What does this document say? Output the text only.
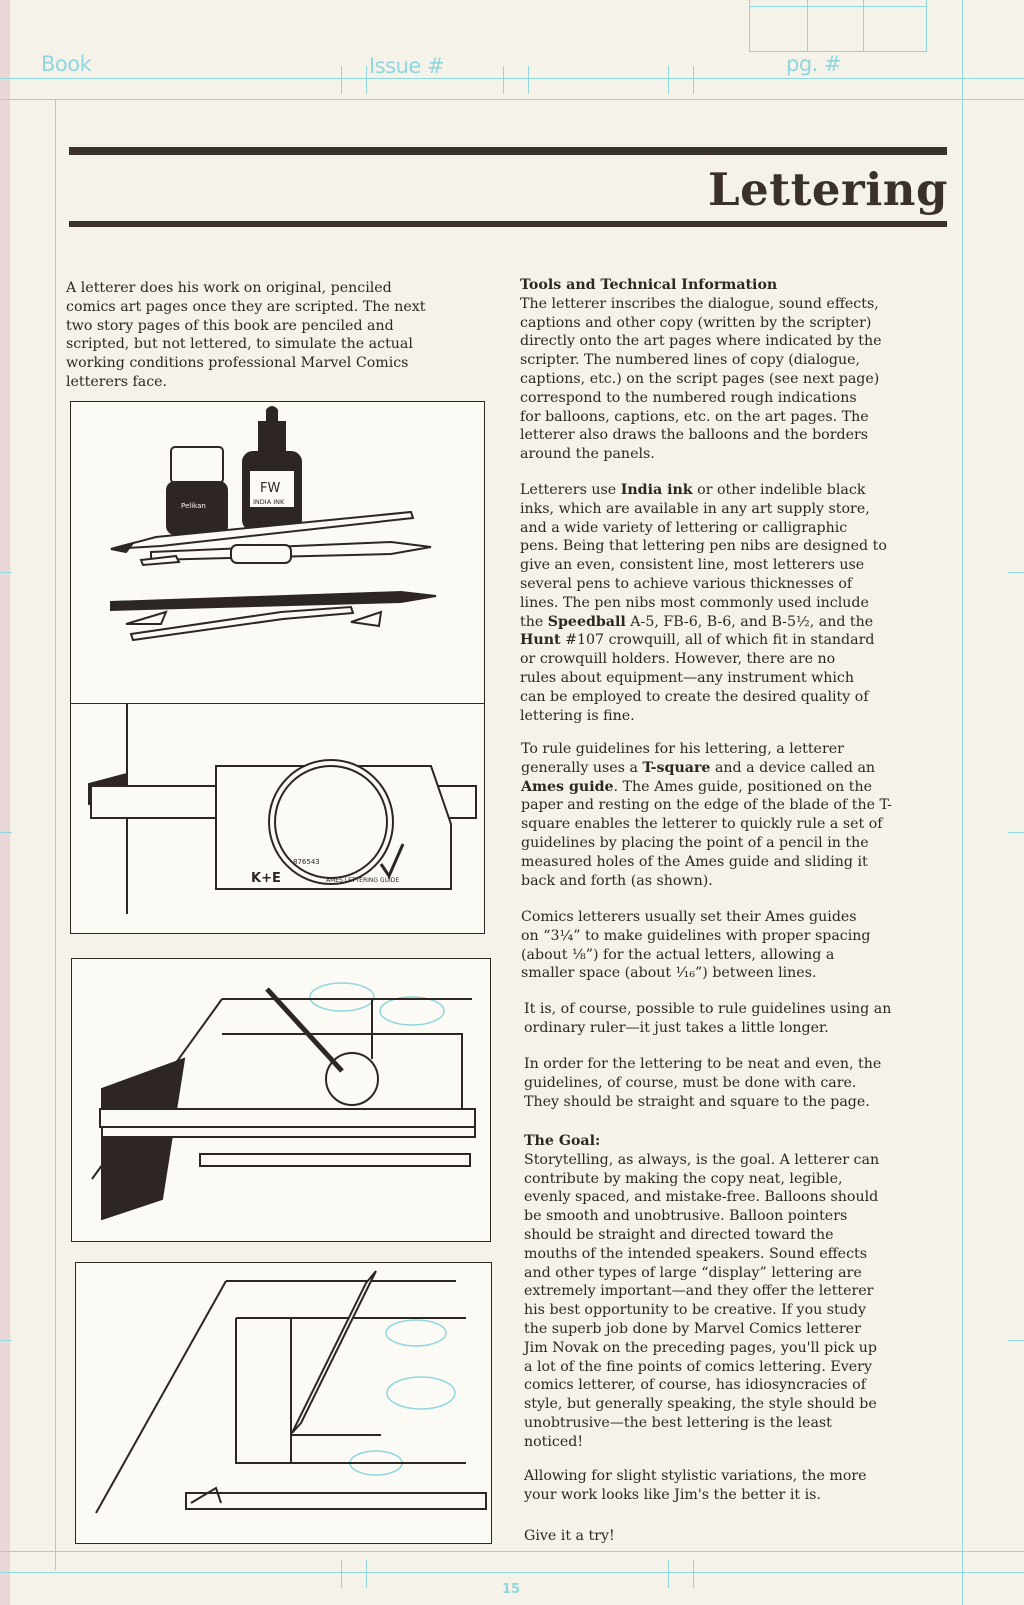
Book	Issue #	pg. #
Lettering
A letterer does his work on original, penciled
comics art pages once they are scripted. The next
two story pages of this book are penciled and
scripted, but not lettered, to simulate the actual
working conditions professional Marvel Comics
letterers face.
Pelikan
FW
INDIA INK
K+E	AMES LETTERING GUIDE
876543
Tools and Technical Information
The letterer inscribes the dialogue, sound effects,
captions and other copy (written by the scripter)
directly onto the art pages where indicated by the
scripter. The numbered lines of copy (dialogue,
captions, etc.) on the script pages (see next page)
correspond to the numbered rough indications
for balloons, captions, etc. on the art pages. The
letterer also draws the balloons and the borders
around the panels.
Letterers use India ink or other indelible black
inks, which are available in any art supply store,
and a wide variety of lettering or calligraphic
pens. Being that lettering pen nibs are designed to
give an even, consistent line, most letterers use
several pens to achieve various thicknesses of
lines. The pen nibs most commonly used include
the Speedball A-5, FB-6, B-6, and B-5½, and the
Hunt #107 crowquill, all of which fit in standard
or crowquill holders. However, there are no
rules about equipment—any instrument which
can be employed to create the desired quality of
lettering is fine.
To rule guidelines for his lettering, a letterer
generally uses a T-square and a device called an
Ames guide. The Ames guide, positioned on the
paper and resting on the edge of the blade of the T-
square enables the letterer to quickly rule a set of
guidelines by placing the point of a pencil in the
measured holes of the Ames guide and sliding it
back and forth (as shown).
Comics letterers usually set their Ames guides
on “3¼” to make guidelines with proper spacing
(about ⅛”) for the actual letters, allowing a
smaller space (about ¹⁄₁₆”) between lines.
It is, of course, possible to rule guidelines using an
ordinary ruler—it just takes a little longer.
In order for the lettering to be neat and even, the
guidelines, of course, must be done with care.
They should be straight and square to the page.
The Goal:
Storytelling, as always, is the goal. A letterer can
contribute by making the copy neat, legible,
evenly spaced, and mistake-free. Balloons should
be smooth and unobtrusive. Balloon pointers
should be straight and directed toward the
mouths of the intended speakers. Sound effects
and other types of large “display” lettering are
extremely important—and they offer the letterer
his best opportunity to be creative. If you study
the superb job done by Marvel Comics letterer
Jim Novak on the preceding pages, you'll pick up
a lot of the fine points of comics lettering. Every
comics letterer, of course, has idiosyncracies of
style, but generally speaking, the style should be
unobtrusive—the best lettering is the least
noticed!
Allowing for slight stylistic variations, the more
your work looks like Jim's the better it is.
Give it a try!
15
